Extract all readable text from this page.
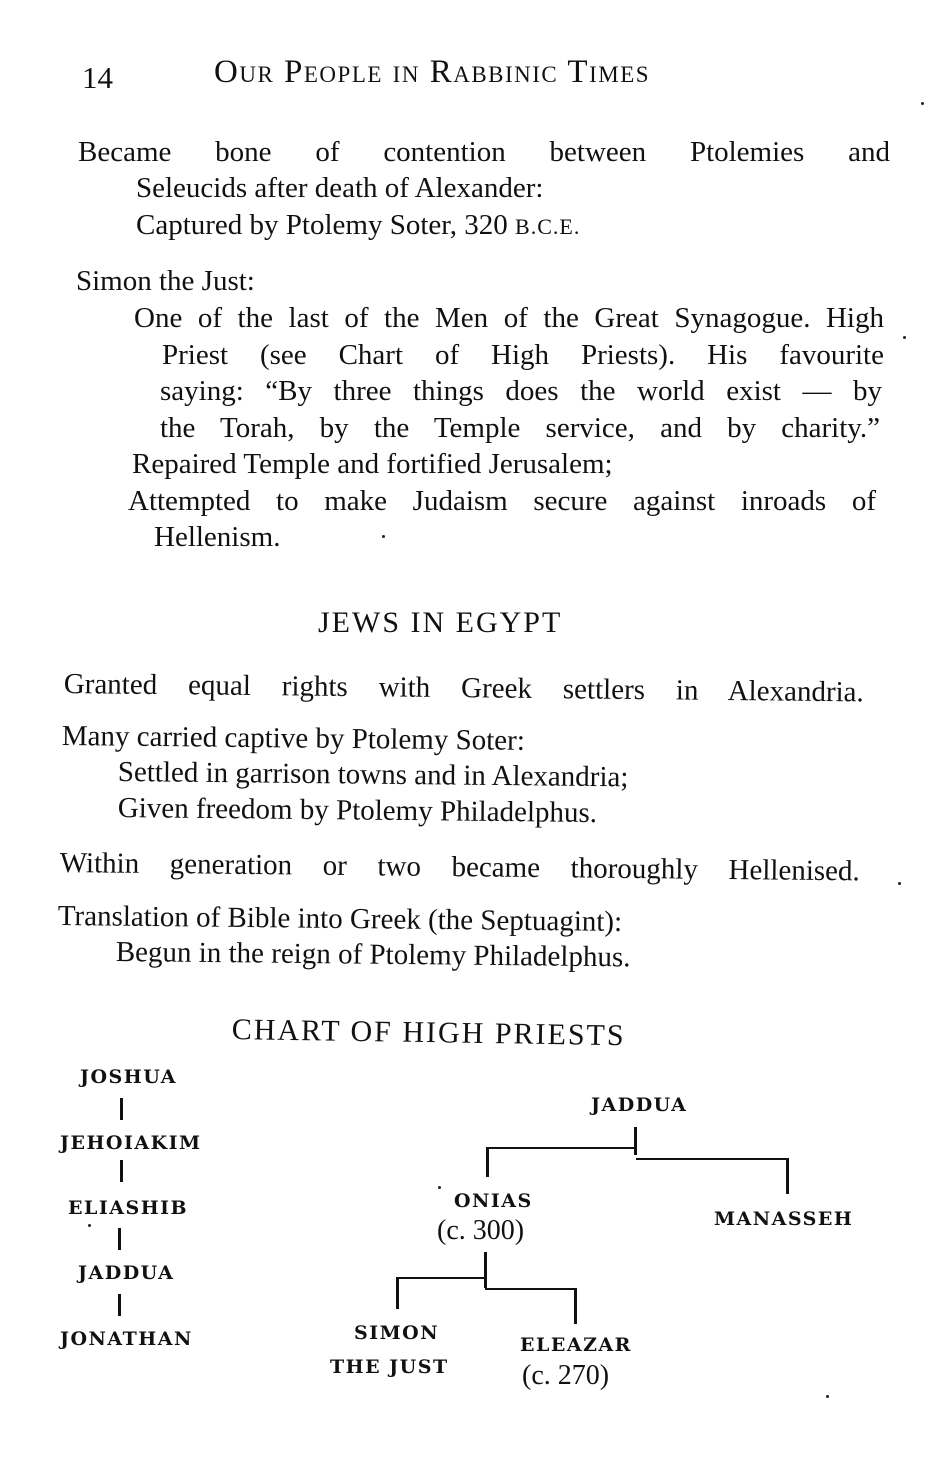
14	Our People in Rabbinic Times
Became bone of contention between Ptolemies and
Seleucids after death of Alexander:
Captured by Ptolemy Soter, 320 B.C.E.
Simon the Just:
One of the last of the Men of the Great Synagogue. High
Priest (see Chart of High Priests). His favourite
saying: “By three things does the world exist — by
the Torah, by the Temple service, and by charity.”
Repaired Temple and fortified Jerusalem;
Attempted to make Judaism secure against inroads of
Hellenism.
JEWS IN EGYPT
Granted equal rights with Greek settlers in Alexandria.
Many carried captive by Ptolemy Soter:
Settled in garrison towns and in Alexandria;
Given freedom by Ptolemy Philadelphus.
Within generation or two became thoroughly Hellenised.
Translation of Bible into Greek (the Septuagint):
Begun in the reign of Ptolemy Philadelphus.
CHART OF HIGH PRIESTS
JOSHUA
JEHOIAKIM
ELIASHIB
JADDUA
JONATHAN
JADDUA
ONIAS
(c. 300)	MANASSEH
SIMON
THE JUST
ELEAZAR
(c. 270)
